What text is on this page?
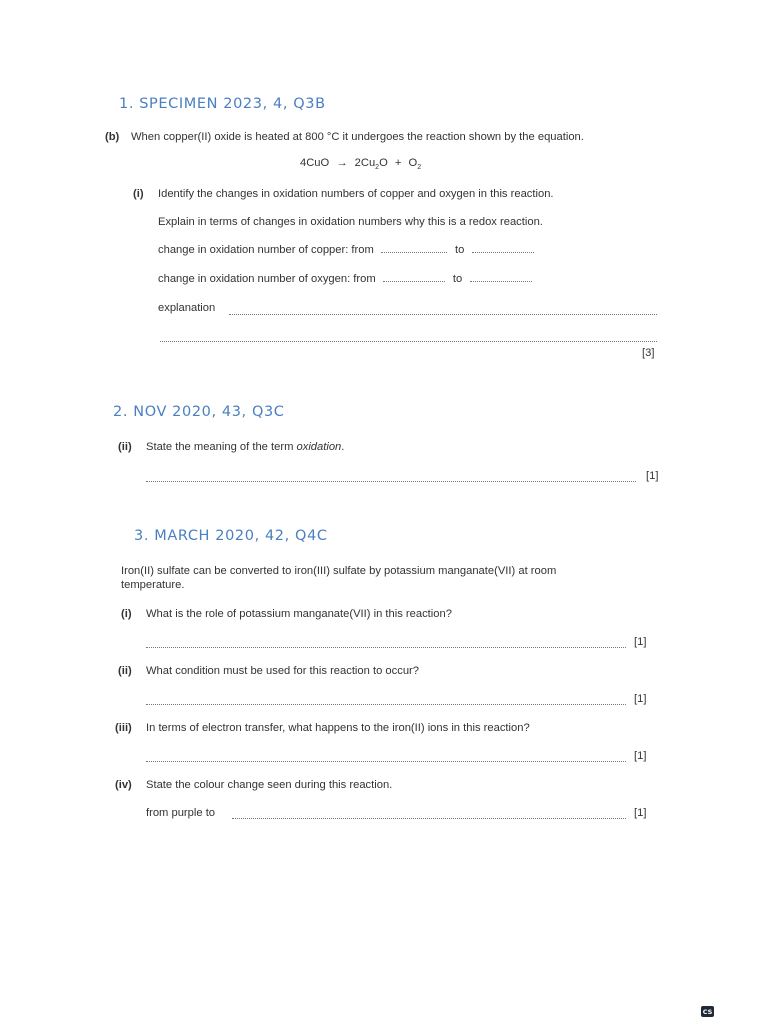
1. SPECIMEN 2023, 4, Q3B
(b) When copper(II) oxide is heated at 800 °C it undergoes the reaction shown by the equation.
$4CuO \to 2Cu_2O + O_2$
(i) Identify the changes in oxidation numbers of copper and oxygen in this reaction.
Explain in terms of changes in oxidation numbers why this is a redox reaction.
change in oxidation number of copper: from	to
change in oxidation number of oxygen: from	to
explanation
[3]
2. NOV 2020, 43, Q3C
(ii) State the meaning of the term oxidation.
[1]
3. MARCH 2020, 42, Q4C
Iron(II) sulfate can be converted to iron(III) sulfate by potassium manganate(VII) at room
temperature.
(i) What is the role of potassium manganate(VII) in this reaction?
[1]
(ii) What condition must be used for this reaction to occur?
[1]
(iii) In terms of electron transfer, what happens to the iron(II) ions in this reaction?
[1]
(iv) State the colour change seen during this reaction.
from purple to	[1]
CS
